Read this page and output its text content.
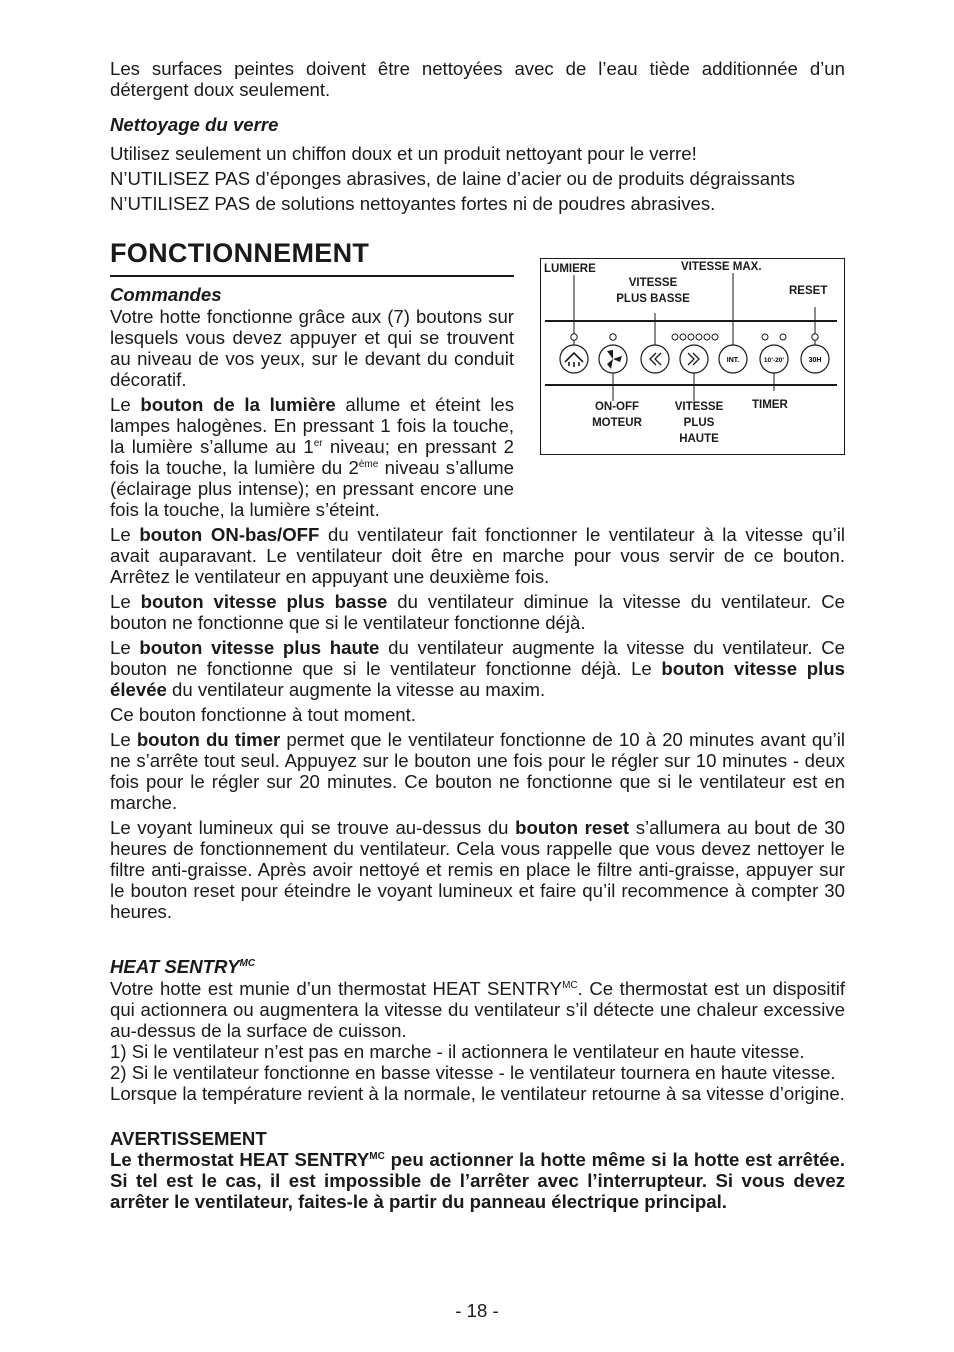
Les surfaces peintes doivent être nettoyées avec de l’eau tiède additionnée d’un détergent doux seulement.

Nettoyage du verre

Utilisez seulement un chiffon doux et un produit nettoyant pour le verre!

N’UTILISEZ PAS d’éponges abrasives, de laine d’acier ou de produits dégraissants

N’UTILISEZ PAS de solutions nettoyantes fortes ni de poudres abrasives.

FONCTIONNEMENT
Commandes

Votre hotte fonctionne grâce aux (7) boutons sur lesquels vous devez appuyer et qui se trouvent au niveau de vos yeux, sur le devant du conduit décoratif.

Le bouton de la lumière allume et éteint les lampes halogènes. En pressant 1 fois la touche, la lumière s’allume au 1er niveau; en pressant 2 fois la touche, la lumière du 2ème niveau s’allume (éclairage plus intense); en pressant encore une fois la touche, la lumière s’éteint.

Le bouton ON-bas/OFF du ventilateur fait fonctionner le ventilateur à la vitesse qu’il avait auparavant. Le ventilateur doit être en marche pour vous servir de ce bouton. Arrêtez le ventilateur en appuyant une deuxième fois.

Le bouton vitesse plus basse du ventilateur diminue la vitesse du ventilateur. Ce bouton ne fonctionne que si le ventilateur fonctionne déjà.

Le bouton vitesse plus haute du ventilateur augmente la vitesse du ventilateur. Ce bouton ne fonctionne que si le ventilateur fonctionne déjà. Le bouton vitesse plus élevée du ventilateur augmente la vitesse au maxim.

Ce bouton fonctionne à tout moment.

Le bouton du timer permet que le ventilateur fonctionne de 10 à 20 minutes avant qu’il ne s’arrête tout seul. Appuyez sur le bouton une fois pour le régler sur 10 minutes - deux fois pour le régler sur 20 minutes. Ce bouton ne fonctionne que si le ventilateur est en marche.

Le voyant lumineux qui se trouve au-dessus du bouton reset s’allumera au bout de 30 heures de fonctionnement du ventilateur. Cela vous rappelle que vous devez nettoyer le filtre anti-graisse. Après avoir nettoyé et remis en place le filtre anti-graisse, appuyer sur le bouton reset pour éteindre le voyant lumineux et faire qu’il recommence à compter 30 heures.

HEAT $SENTRY^{MC}$

Votre hotte est munie d’un thermostat HEAT $SENTRY^{MC}$. Ce thermostat est un dispositif qui actionnera ou augmentera la vitesse du ventilateur s’il détecte une chaleur excessive au-dessus de la surface de cuisson.

1) Si le ventilateur n’est pas en marche - il actionnera le ventilateur en haute vitesse.

2) Si le ventilateur fonctionne en basse vitesse - le ventilateur tournera en haute vitesse.

Lorsque la température revient à la normale, le ventilateur retourne à sa vitesse d’origine.

AVERTISSEMENT

Le thermostat HEAT $SENTRY^{MC}$ peu actionner la hotte même si la hotte est arrêtée. Si tel est le cas, il est impossible de l’arrêter avec l’interrupteur. Si vous devez arrêter le ventilateur, faites-le à partir du panneau électrique principal.

INT.	10’-20’	30H
LUMIERE	VITESSE MAX.
VITESSE
PLUS BASSE
RESET
ON-OFF
MOTEUR
VITESSE
PLUS
HAUTE
TIMER
- 18 -
